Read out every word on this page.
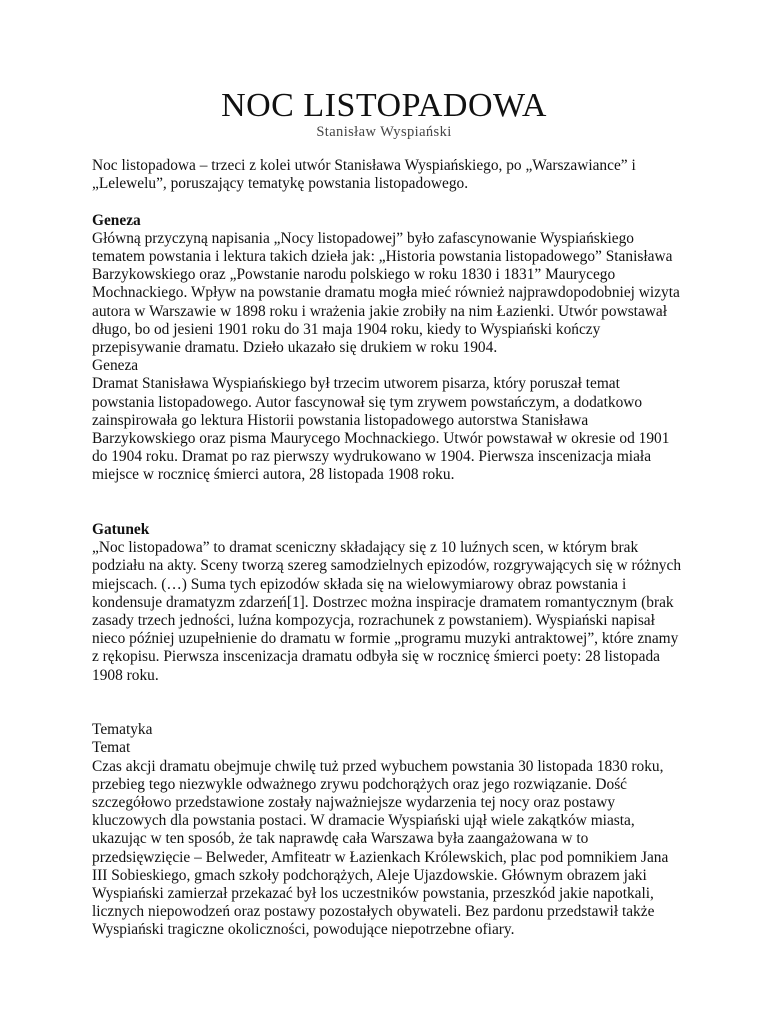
NOC LISTOPADOWA

Stanisław Wyspiański

Noc listopadowa – trzeci z kolei utwór Stanisława Wyspiańskiego, po „Warszawiance” i „Lelewelu”, poruszający tematykę powstania listopadowego.

Geneza

Główną przyczyną napisania „Nocy listopadowej” było zafascynowanie Wyspiańskiego tematem powstania i lektura takich dzieła jak: „Historia powstania listopadowego” Stanisława Barzykowskiego oraz „Powstanie narodu polskiego w roku 1830 i 1831” Maurycego Mochnackiego. Wpływ na powstanie dramatu mogła mieć również najprawdopodobniej wizyta autora w Warszawie w 1898 roku i wrażenia jakie zrobiły na nim Łazienki. Utwór powstawał długo, bo od jesieni 1901 roku do 31 maja 1904 roku, kiedy to Wyspiański kończy przepisywanie dramatu. Dzieło ukazało się drukiem w roku 1904.

Geneza

Dramat Stanisława Wyspiańskiego był trzecim utworem pisarza, który poruszał temat powstania listopadowego. Autor fascynował się tym zrywem powstańczym, a dodatkowo zainspirowała go lektura Historii powstania listopadowego autorstwa Stanisława Barzykowskiego oraz pisma Maurycego Mochnackiego. Utwór powstawał w okresie od 1901 do 1904 roku. Dramat po raz pierwszy wydrukowano w 1904. Pierwsza inscenizacja miała miejsce w rocznicę śmierci autora, 28 listopada 1908 roku.

Gatunek

„Noc listopadowa” to dramat sceniczny składający się z 10 luźnych scen, w którym brak podziału na akty. Sceny tworzą szereg samodzielnych epizodów, rozgrywających się w różnych miejscach. (…) Suma tych epizodów składa się na wielowymiarowy obraz powstania i kondensuje dramatyzm zdarzeń[1]. Dostrzec można inspiracje dramatem romantycznym (brak zasady trzech jedności, luźna kompozycja, rozrachunek z powstaniem). Wyspiański napisał nieco później uzupełnienie do dramatu w formie „programu muzyki antraktowej”, które znamy z rękopisu. Pierwsza inscenizacja dramatu odbyła się w rocznicę śmierci poety: 28 listopada 1908 roku.

Tematyka

Temat

Czas akcji dramatu obejmuje chwilę tuż przed wybuchem powstania 30 listopada 1830 roku, przebieg tego niezwykle odważnego zrywu podchorążych oraz jego rozwiązanie. Dość szczegółowo przedstawione zostały najważniejsze wydarzenia tej nocy oraz postawy kluczowych dla powstania postaci. W dramacie Wyspiański ujął wiele zakątków miasta, ukazując w ten sposób, że tak naprawdę cała Warszawa była zaangażowana w to przedsięwzięcie – Belweder, Amfiteatr w Łazienkach Królewskich, plac pod pomnikiem Jana III Sobieskiego, gmach szkoły podchorążych, Aleje Ujazdowskie. Głównym obrazem jaki Wyspiański zamierzał przekazać był los uczestników powstania, przeszkód jakie napotkali, licznych niepowodzeń oraz postawy pozostałych obywateli. Bez pardonu przedstawił także Wyspiański tragiczne okoliczności, powodujące niepotrzebne ofiary.
